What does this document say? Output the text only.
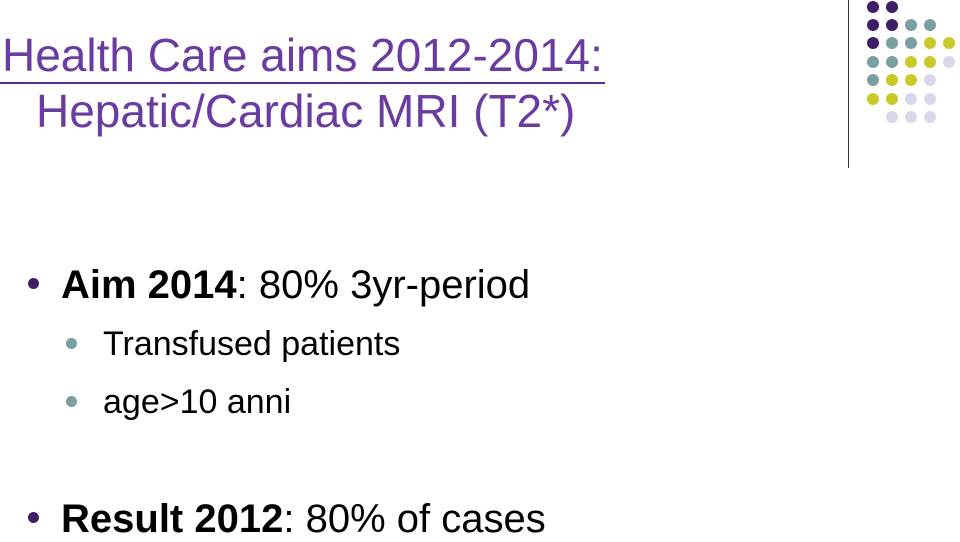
Health Care aims 2012-2014:
Hepatic/Cardiac MRI (T2*)
Aim 2014: 80% 3yr-period
Transfused patients
age>10 anni
Result 2012: 80% of cases
